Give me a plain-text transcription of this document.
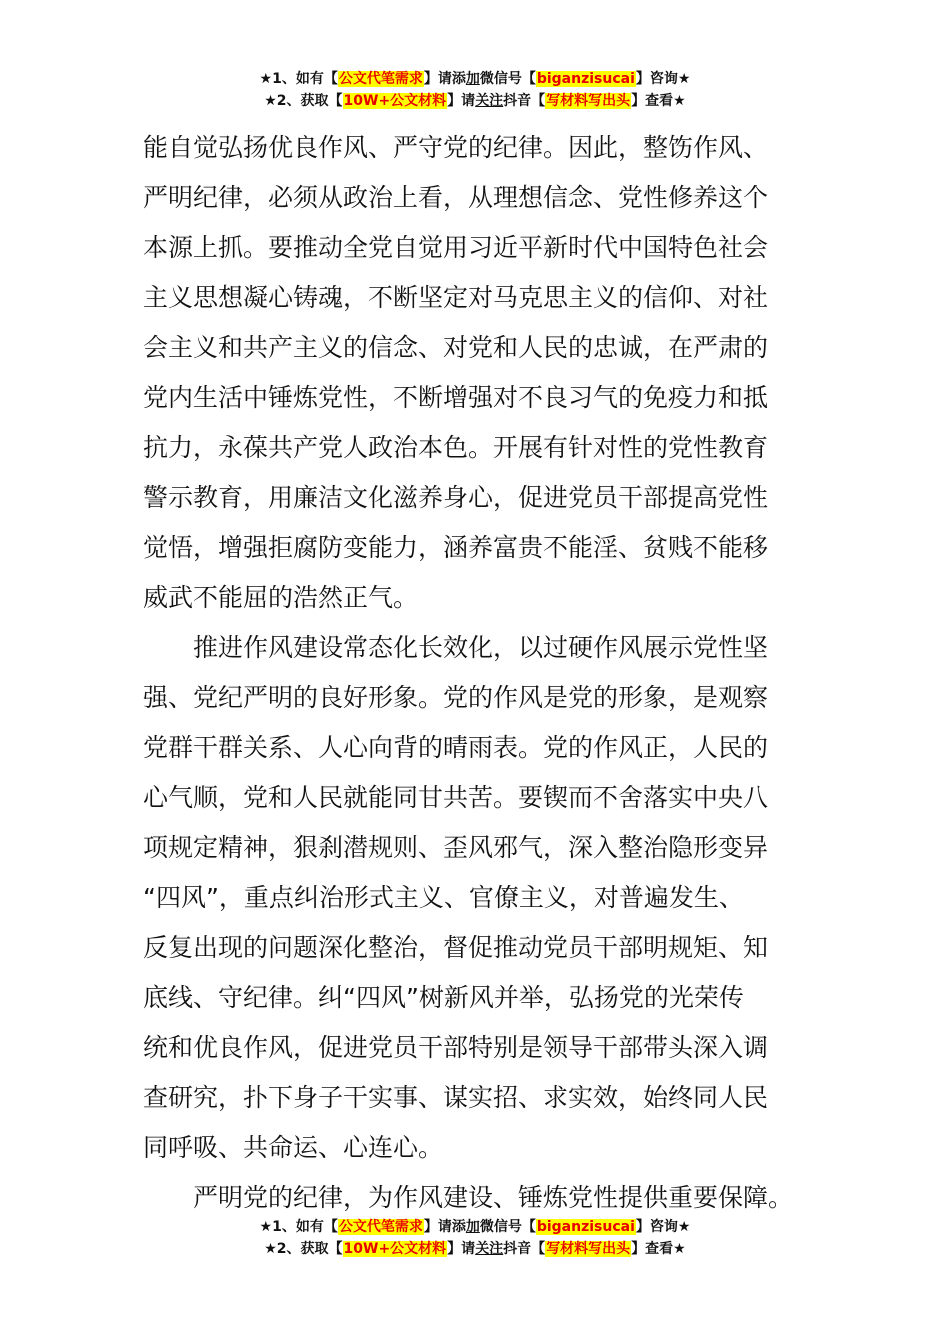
★1、如有【公文代笔需求】请添加微信号【biganzisucai】咨询★
★2、获取【10W+公文材料】请关注抖音【写材料写出头】查看★
能自觉弘扬优良作风、严守党的纪律。因此，整饬作风、
严明纪律，必须从政治上看，从理想信念、党性修养这个
本源上抓。要推动全党自觉用习近平新时代中国特色社会
主义思想凝心铸魂，不断坚定对马克思主义的信仰、对社
会主义和共产主义的信念、对党和人民的忠诚，在严肃的
党内生活中锤炼党性，不断增强对不良习气的免疫力和抵
抗力，永葆共产党人政治本色。开展有针对性的党性教育
警示教育，用廉洁文化滋养身心，促进党员干部提高党性
觉悟，增强拒腐防变能力，涵养富贵不能淫、贫贱不能移
威武不能屈的浩然正气。
推进作风建设常态化长效化，以过硬作风展示党性坚
强、党纪严明的良好形象。党的作风是党的形象，是观察
党群干群关系、人心向背的晴雨表。党的作风正，人民的
心气顺，党和人民就能同甘共苦。要锲而不舍落实中央八
项规定精神，狠刹潜规则、歪风邪气，深入整治隐形变异
“四风”，重点纠治形式主义、官僚主义，对普遍发生、
反复出现的问题深化整治，督促推动党员干部明规矩、知
底线、守纪律。纠“四风”树新风并举，弘扬党的光荣传
统和优良作风，促进党员干部特别是领导干部带头深入调
查研究，扑下身子干实事、谋实招、求实效，始终同人民
同呼吸、共命运、心连心。
严明党的纪律，为作风建设、锤炼党性提供重要保障。
★1、如有【公文代笔需求】请添加微信号【biganzisucai】咨询★
★2、获取【10W+公文材料】请关注抖音【写材料写出头】查看★
